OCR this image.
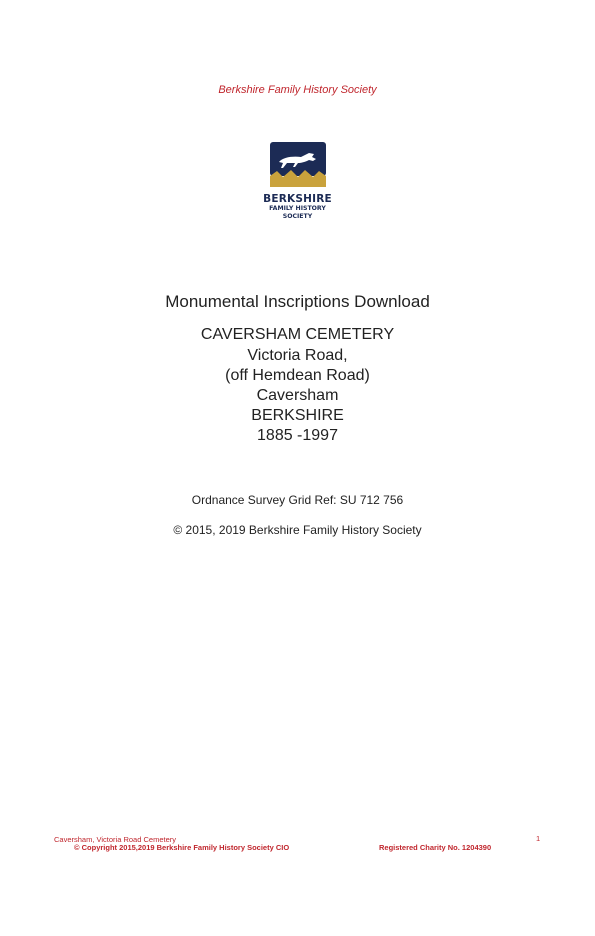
Berkshire Family History Society
BERKSHIRE
FAMILY HISTORY
SOCIETY
Monumental Inscriptions Download
CAVERSHAM CEMETERY
Victoria Road,
(off Hemdean Road)
Caversham
BERKSHIRE
1885 -1997
Ordnance Survey Grid Ref: SU 712 756
© 2015, 2019 Berkshire Family History Society
Caversham, Victoria Road Cemetery	1
© Copyright 2015,2019 Berkshire Family History Society CIO	Registered Charity No. 1204390
